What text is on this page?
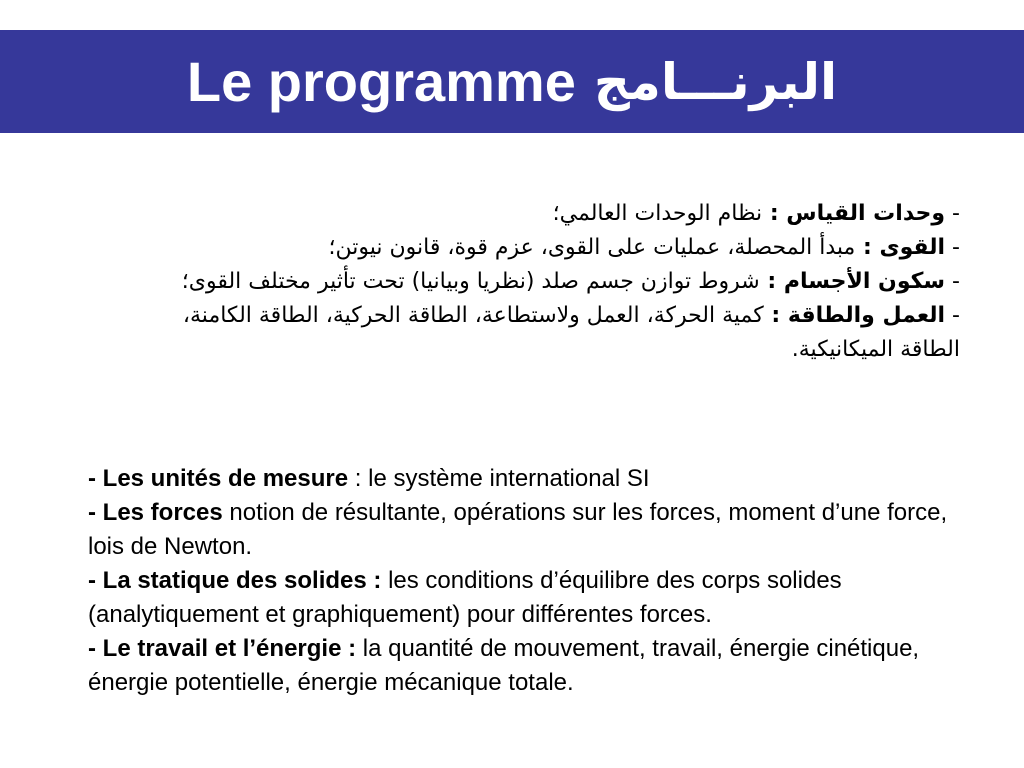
Le programme البرنـــامج

- وحدات القياس : نظام الوحدات العالمي؛

- القوى : مبدأ المحصلة، عمليات على القوى، عزم قوة، قانون نيوتن؛

- سكون الأجسام : شروط توازن جسم صلد (نظريا وبيانيا) تحت تأثير مختلف القوى؛

- العمل والطاقة : كمية الحركة، العمل ولاستطاعة، الطاقة الحركية، الطاقة الكامنة، الطاقة الميكانيكية.

- Les unités de mesure : le système international SI

- Les forces notion de résultante, opérations sur les forces, moment d’une force, lois de Newton.

- La statique des solides : les conditions d’équilibre des corps solides (analytiquement et graphiquement) pour différentes forces.

- Le travail et l’énergie : la quantité de mouvement, travail, énergie cinétique, énergie potentielle, énergie mécanique totale.
